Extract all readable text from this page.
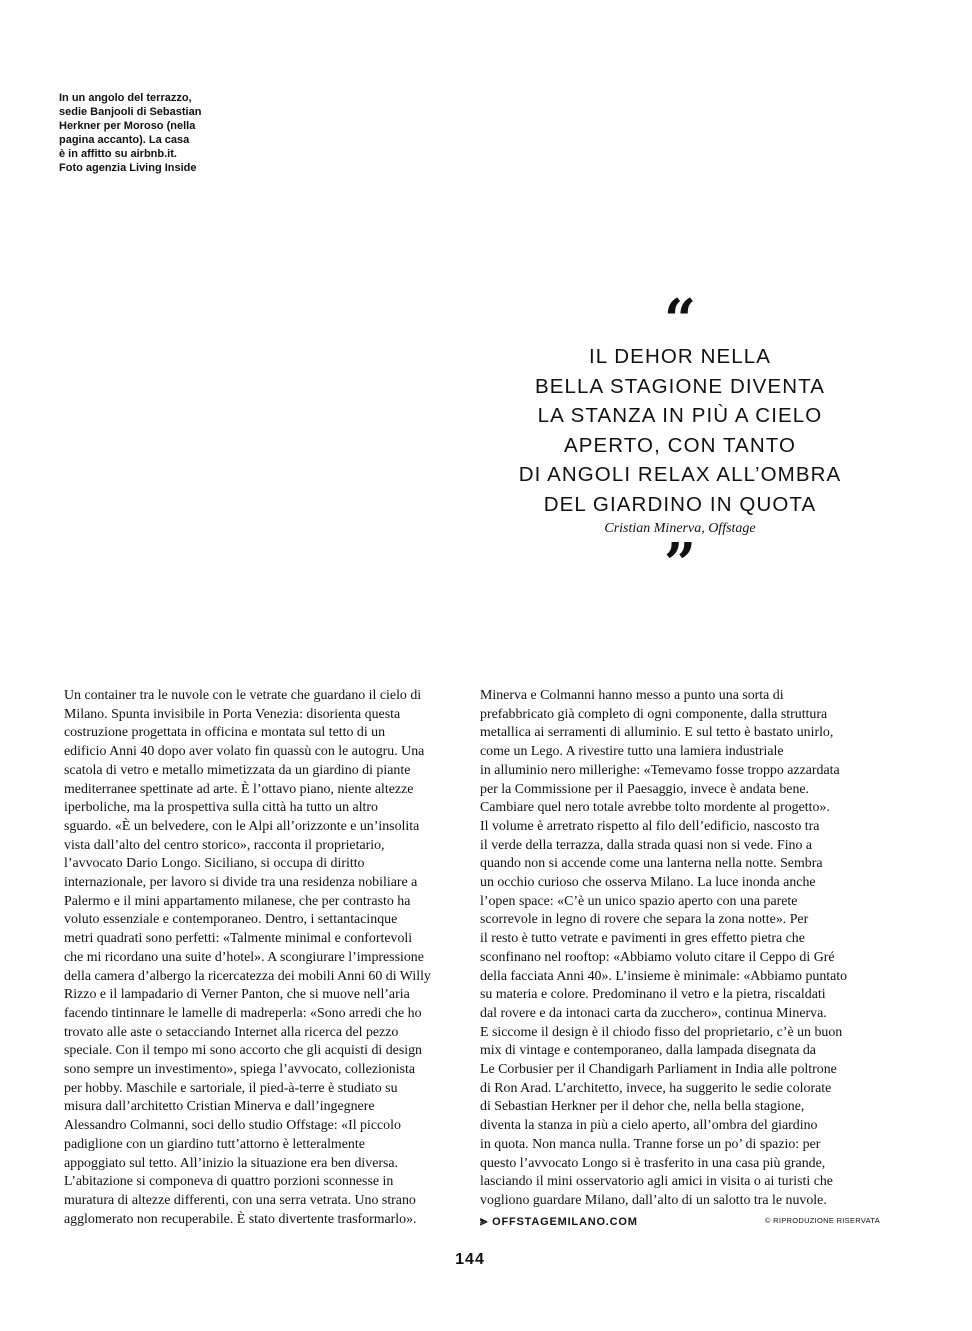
In un angolo del terrazzo,
sedie Banjooli di Sebastian
Herkner per Moroso (nella
pagina accanto). La casa
è in affitto su airbnb.it.
Foto agenzia Living Inside
“
IL DEHOR NELLA
BELLA STAGIONE DIVENTA
LA STANZA IN PIÙ A CIELO
APERTO, CON TANTO
DI ANGOLI RELAX ALL’OMBRA
DEL GIARDINO IN QUOTA
Cristian Minerva, Offstage
”
Un container tra le nuvole con le vetrate che guardano il cielo di
Milano. Spunta invisibile in Porta Venezia: disorienta questa
costruzione progettata in officina e montata sul tetto di un
edificio Anni 40 dopo aver volato fin quassù con le autogru. Una
scatola di vetro e metallo mimetizzata da un giardino di piante
mediterranee spettinate ad arte. È l’ottavo piano, niente altezze
iperboliche, ma la prospettiva sulla città ha tutto un altro
sguardo. «È un belvedere, con le Alpi all’orizzonte e un’insolita
vista dall’alto del centro storico», racconta il proprietario,
l’avvocato Dario Longo. Siciliano, si occupa di diritto
internazionale, per lavoro si divide tra una residenza nobiliare a
Palermo e il mini appartamento milanese, che per contrasto ha
voluto essenziale e contemporaneo. Dentro, i settantacinque
metri quadrati sono perfetti: «Talmente minimal e confortevoli
che mi ricordano una suite d’hotel». A scongiurare l’impressione
della camera d’albergo la ricercatezza dei mobili Anni 60 di Willy
Rizzo e il lampadario di Verner Panton, che si muove nell’aria
facendo tintinnare le lamelle di madreperla: «Sono arredi che ho
trovato alle aste o setacciando Internet alla ricerca del pezzo
speciale. Con il tempo mi sono accorto che gli acquisti di design
sono sempre un investimento», spiega l’avvocato, collezionista
per hobby. Maschile e sartoriale, il pied-à-terre è studiato su
misura dall’architetto Cristian Minerva e dall’ingegnere
Alessandro Colmanni, soci dello studio Offstage: «Il piccolo
padiglione con un giardino tutt’attorno è letteralmente
appoggiato sul tetto. All’inizio la situazione era ben diversa.
L’abitazione si componeva di quattro porzioni sconnesse in
muratura di altezze differenti, con una serra vetrata. Uno strano
agglomerato non recuperabile. È stato divertente trasformarlo».
Minerva e Colmanni hanno messo a punto una sorta di
prefabbricato già completo di ogni componente, dalla struttura
metallica ai serramenti di alluminio. E sul tetto è bastato unirlo,
come un Lego. A rivestire tutto una lamiera industriale
in alluminio nero millerighe: «Temevamo fosse troppo azzardata
per la Commissione per il Paesaggio, invece è andata bene.
Cambiare quel nero totale avrebbe tolto mordente al progetto».
Il volume è arretrato rispetto al filo dell’edificio, nascosto tra
il verde della terrazza, dalla strada quasi non si vede. Fino a
quando non si accende come una lanterna nella notte. Sembra
un occhio curioso che osserva Milano. La luce inonda anche
l’open space: «C’è un unico spazio aperto con una parete
scorrevole in legno di rovere che separa la zona notte». Per
il resto è tutto vetrate e pavimenti in gres effetto pietra che
sconfinano nel rooftop: «Abbiamo voluto citare il Ceppo di Gré
della facciata Anni 40». L’insieme è minimale: «Abbiamo puntato
su materia e colore. Predominano il vetro e la pietra, riscaldati
dal rovere e da intonaci carta da zucchero», continua Minerva.
E siccome il design è il chiodo fisso del proprietario, c’è un buon
mix di vintage e contemporaneo, dalla lampada disegnata da
Le Corbusier per il Chandigarh Parliament in India alle poltrone
di Ron Arad. L’architetto, invece, ha suggerito le sedie colorate
di Sebastian Herkner per il dehor che, nella bella stagione,
diventa la stanza in più a cielo aperto, all’ombra del giardino
in quota. Non manca nulla. Tranne forse un po’ di spazio: per
questo l’avvocato Longo si è trasferito in una casa più grande,
lasciando il mini osservatorio agli amici in visita o ai turisti che
vogliono guardare Milano, dall’alto di un salotto tra le nuvole.
⪢ OFFSTAGEMILANO.COM	© RIPRODUZIONE RISERVATA
144
